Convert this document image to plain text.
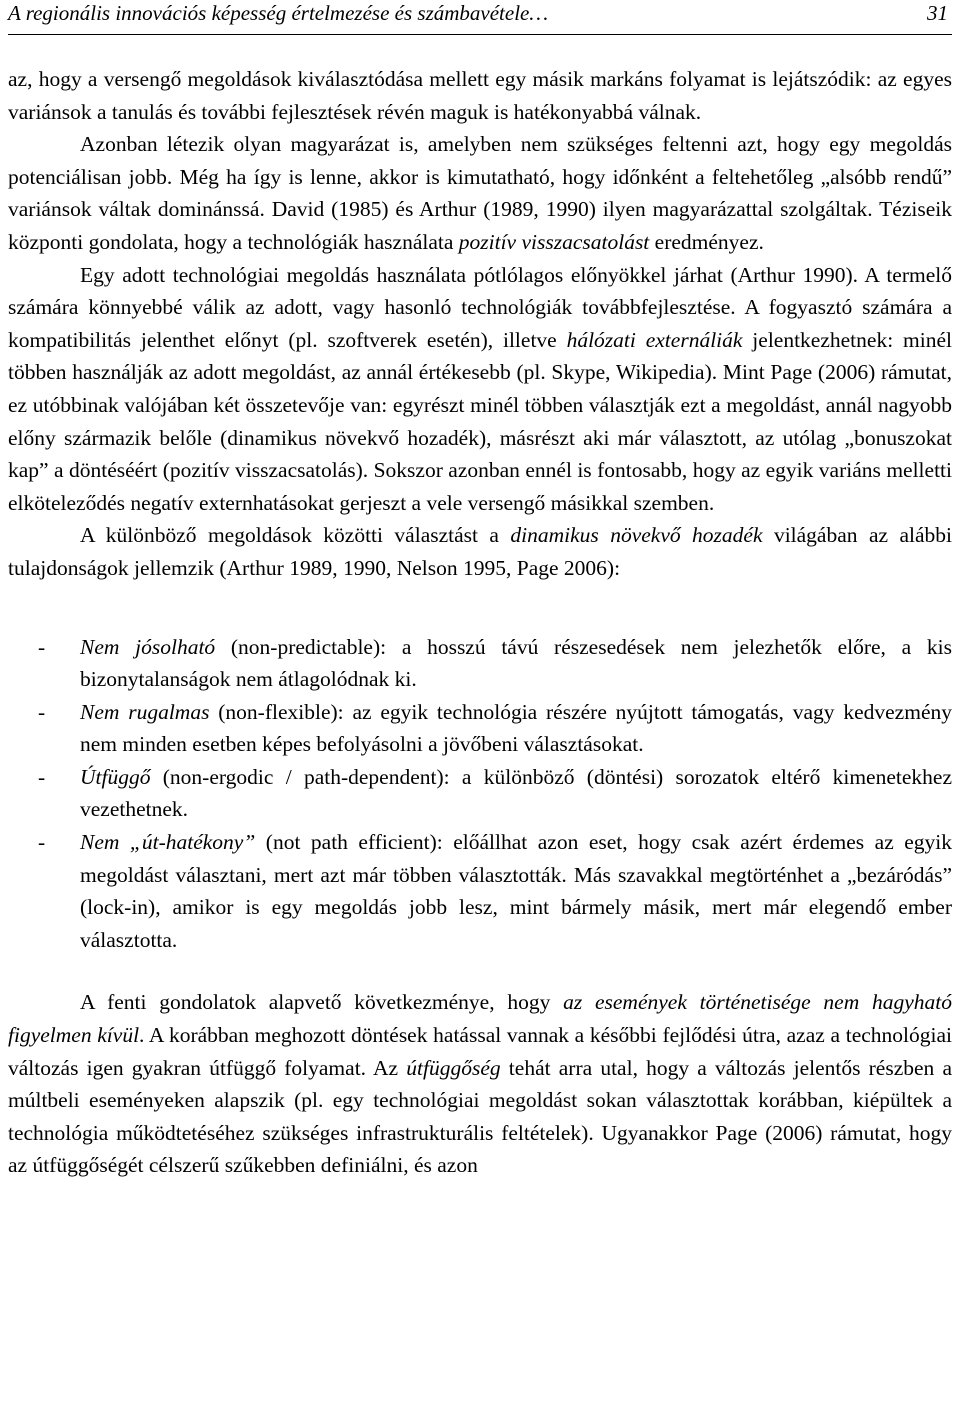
A regionális innovációs képesség értelmezése és számbavétele…	31

az, hogy a versengő megoldások kiválasztódása mellett egy másik markáns folyamat is lejátszódik: az egyes variánsok a tanulás és további fejlesztések révén maguk is hatékonyabbá válnak.

Azonban létezik olyan magyarázat is, amelyben nem szükséges feltenni azt, hogy egy megoldás potenciálisan jobb. Még ha így is lenne, akkor is kimutatható, hogy időnként a feltehetőleg „alsóbb rendű” variánsok váltak dominánssá. David (1985) és Arthur (1989, 1990) ilyen magyarázattal szolgáltak. Téziseik központi gondolata, hogy a technológiák használata pozitív visszacsatolást eredményez.

Egy adott technológiai megoldás használata pótlólagos előnyökkel járhat (Arthur 1990). A termelő számára könnyebbé válik az adott, vagy hasonló technológiák továbbfejlesztése. A fogyasztó számára a kompatibilitás jelenthet előnyt (pl. szoftverek esetén), illetve hálózati externáliák jelentkezhetnek: minél többen használják az adott megoldást, az annál értékesebb (pl. Skype, Wikipedia). Mint Page (2006) rámutat, ez utóbbinak valójában két összetevője van: egyrészt minél többen választják ezt a megoldást, annál nagyobb előny származik belőle (dinamikus növekvő hozadék), másrészt aki már választott, az utólag „bonuszokat kap” a döntéséért (pozitív visszacsatolás). Sokszor azonban ennél is fontosabb, hogy az egyik variáns melletti elköteleződés negatív externhatásokat gerjeszt a vele versengő másikkal szemben.

A különböző megoldások közötti választást a dinamikus növekvő hozadék világában az alábbi tulajdonságok jellemzik (Arthur 1989, 1990, Nelson 1995, Page 2006):

- Nem jósolható (non-predictable): a hosszú távú részesedések nem jelezhetők előre, a kis bizonytalanságok nem átlagolódnak ki.
- Nem rugalmas (non-flexible): az egyik technológia részére nyújtott támogatás, vagy kedvezmény nem minden esetben képes befolyásolni a jövőbeni választásokat.
- Útfüggő (non-ergodic / path-dependent): a különböző (döntési) sorozatok eltérő kimenetekhez vezethetnek.
- Nem „út-hatékony” (not path efficient): előállhat azon eset, hogy csak azért érdemes az egyik megoldást választani, mert azt már többen választották. Más szavakkal megtörténhet a „bezáródás” (lock-in), amikor is egy megoldás jobb lesz, mint bármely másik, mert már elegendő ember választotta.

A fenti gondolatok alapvető következménye, hogy az események történetisége nem hagyható figyelmen kívül. A korábban meghozott döntések hatással vannak a későbbi fejlődési útra, azaz a technológiai változás igen gyakran útfüggő folyamat. Az útfüggőség tehát arra utal, hogy a változás jelentős részben a múltbeli eseményeken alapszik (pl. egy technológiai megoldást sokan választottak korábban, kiépültek a technológia működtetéséhez szükséges infrastrukturális feltételek). Ugyanakkor Page (2006) rámutat, hogy az útfüggőségét célszerű szűkebben definiálni, és azon
